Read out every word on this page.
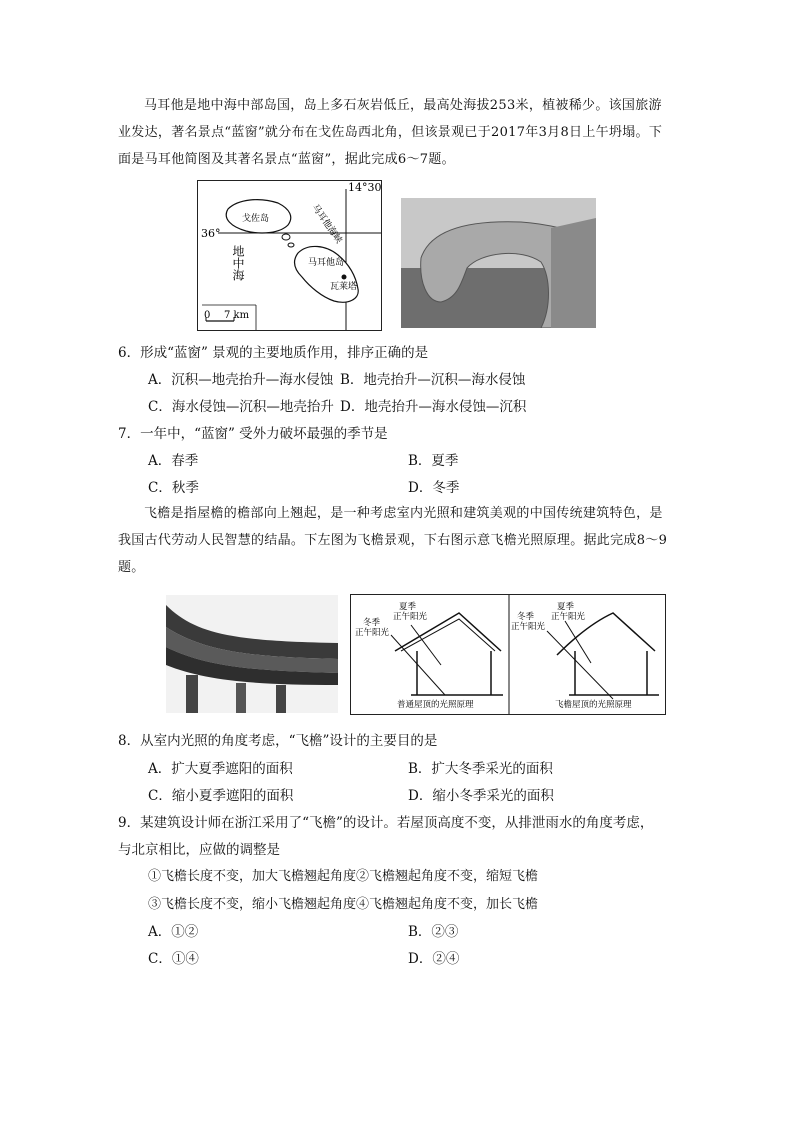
马耳他是地中海中部岛国，岛上多石灰岩低丘，最高处海拔253米，植被稀少。该国旅游业发达，著名景点“蓝窗”就分布在戈佐岛西北角，但该景观已于2017年3月8日上午坍塌。下面是马耳他简图及其著名景点“蓝窗”，据此完成6～7题。
14°30′
36°
戈佐岛	马耳他海峡
地中海	马耳他岛
瓦莱塔
0 7 km
6．形成“蓝窗” 景观的主要地质作用，排序正确的是
A．沉积—地壳抬升—海水侵蚀 B．地壳抬升—沉积—海水侵蚀
C．海水侵蚀—沉积—地壳抬升 D．地壳抬升—海水侵蚀—沉积
7．一年中，“蓝窗” 受外力破坏最强的季节是
A．春季	B．夏季
C．秋季	D．冬季
飞檐是指屋檐的檐部向上翘起，是一种考虑室内光照和建筑美观的中国传统建筑特色，是我国古代劳动人民智慧的结晶。下左图为飞檐景观，下右图示意飞檐光照原理。据此完成8～9题。
夏季
正午阳光
冬季
正午阳光
夏季
正午阳光
冬季
正午阳光
普通屋顶的光照原理	飞檐屋顶的光照原理
8．从室内光照的角度考虑，“飞檐”设计的主要目的是
A．扩大夏季遮阳的面积	B．扩大冬季采光的面积
C．缩小夏季遮阳的面积	D．缩小冬季采光的面积
9．某建筑设计师在浙江采用了“飞檐”的设计。若屋顶高度不变，从排泄雨水的角度考虑，
与北京相比，应做的调整是
①飞檐长度不变，加大飞檐翘起角度②飞檐翘起角度不变，缩短飞檐
③飞檐长度不变，缩小飞檐翘起角度④飞檐翘起角度不变，加长飞檐
A．①②	B．②③
C．①④	D．②④
